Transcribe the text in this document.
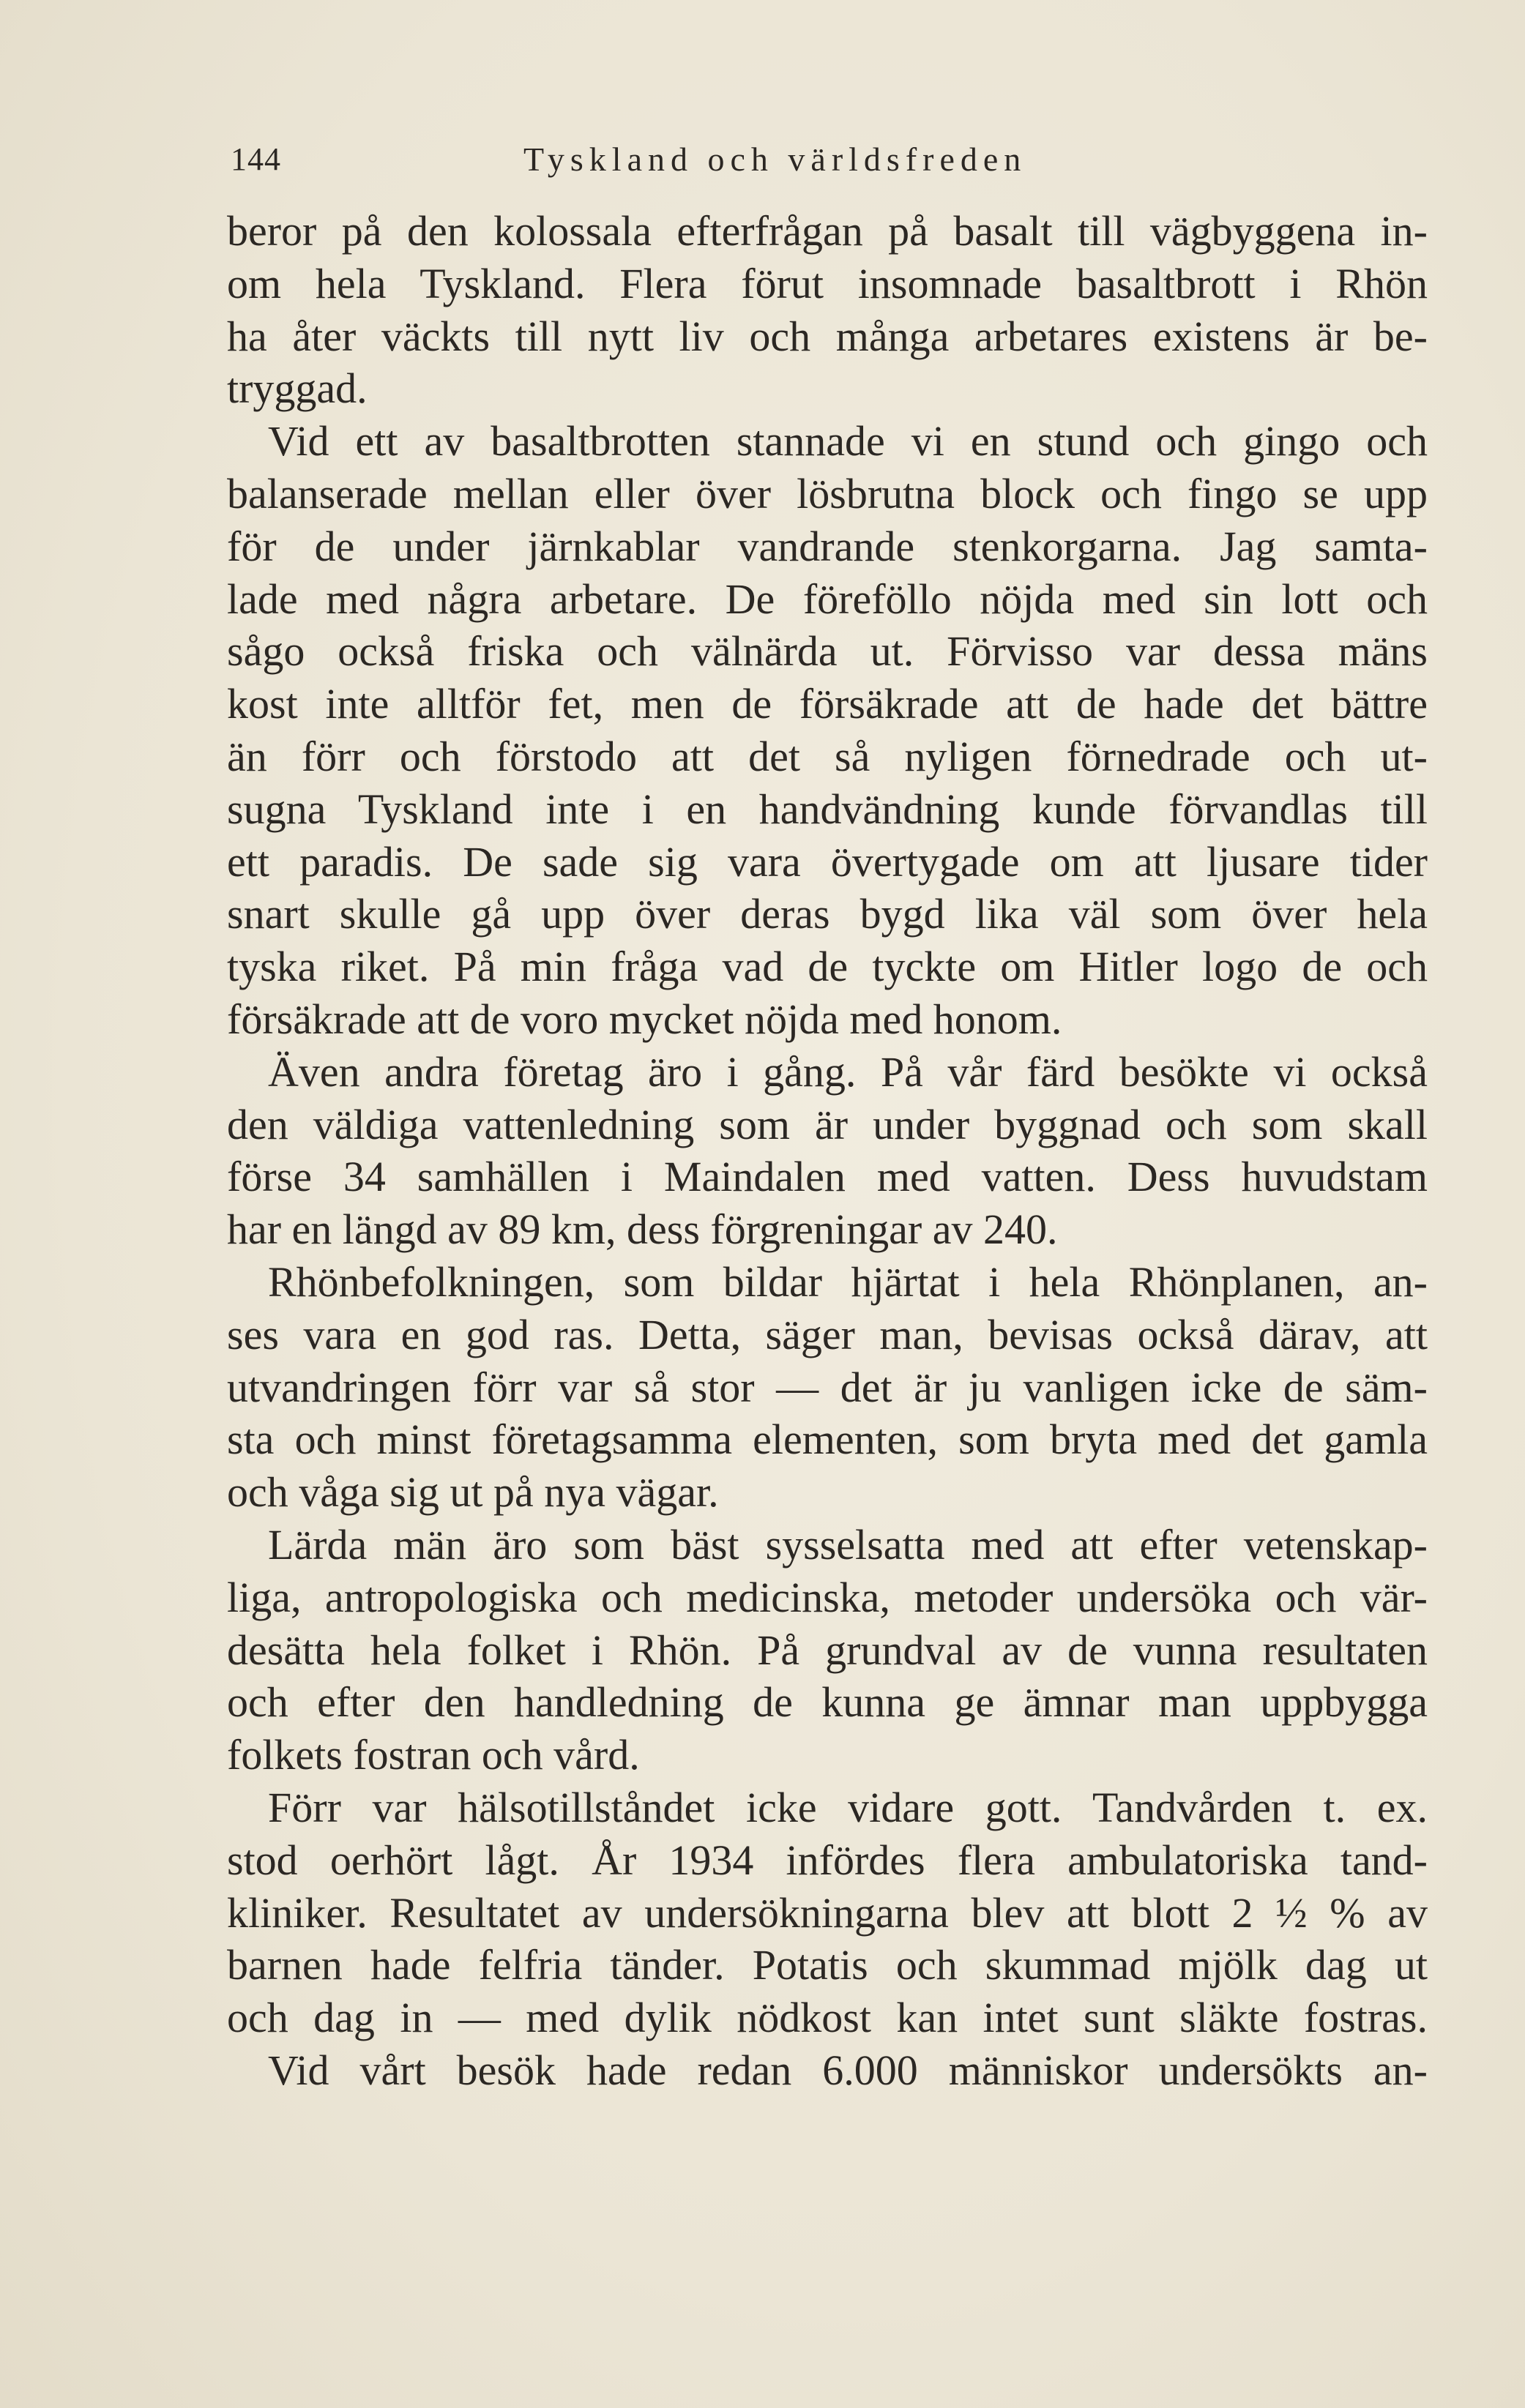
144	Tyskland och världsfreden
beror på den kolossala efterfrågan på basalt till vägbyggena in-
om hela Tyskland. Flera förut insomnade basaltbrott i Rhön
ha åter väckts till nytt liv och många arbetares existens är be-
tryggad.
Vid ett av basaltbrotten stannade vi en stund och gingo och
balanserade mellan eller över lösbrutna block och fingo se upp
för de under järnkablar vandrande stenkorgarna. Jag samta-
lade med några arbetare. De föreföllo nöjda med sin lott och
sågo också friska och välnärda ut. Förvisso var dessa mäns
kost inte alltför fet, men de försäkrade att de hade det bättre
än förr och förstodo att det så nyligen förnedrade och ut-
sugna Tyskland inte i en handvändning kunde förvandlas till
ett paradis. De sade sig vara övertygade om att ljusare tider
snart skulle gå upp över deras bygd lika väl som över hela
tyska riket. På min fråga vad de tyckte om Hitler logo de och
försäkrade att de voro mycket nöjda med honom.
Även andra företag äro i gång. På vår färd besökte vi också
den väldiga vattenledning som är under byggnad och som skall
förse 34 samhällen i Maindalen med vatten. Dess huvudstam
har en längd av 89 km, dess förgreningar av 240.
Rhönbefolkningen, som bildar hjärtat i hela Rhönplanen, an-
ses vara en god ras. Detta, säger man, bevisas också därav, att
utvandringen förr var så stor — det är ju vanligen icke de säm-
sta och minst företagsamma elementen, som bryta med det gamla
och våga sig ut på nya vägar.
Lärda män äro som bäst sysselsatta med att efter vetenskap-
liga, antropologiska och medicinska, metoder undersöka och vär-
desätta hela folket i Rhön. På grundval av de vunna resultaten
och efter den handledning de kunna ge ämnar man uppbygga
folkets fostran och vård.
Förr var hälsotillståndet icke vidare gott. Tandvården t. ex.
stod oerhört lågt. År 1934 infördes flera ambulatoriska tand-
kliniker. Resultatet av undersökningarna blev att blott 2 ½ % av
barnen hade felfria tänder. Potatis och skummad mjölk dag ut
och dag in — med dylik nödkost kan intet sunt släkte fostras.
Vid vårt besök hade redan 6.000 människor undersökts an-
